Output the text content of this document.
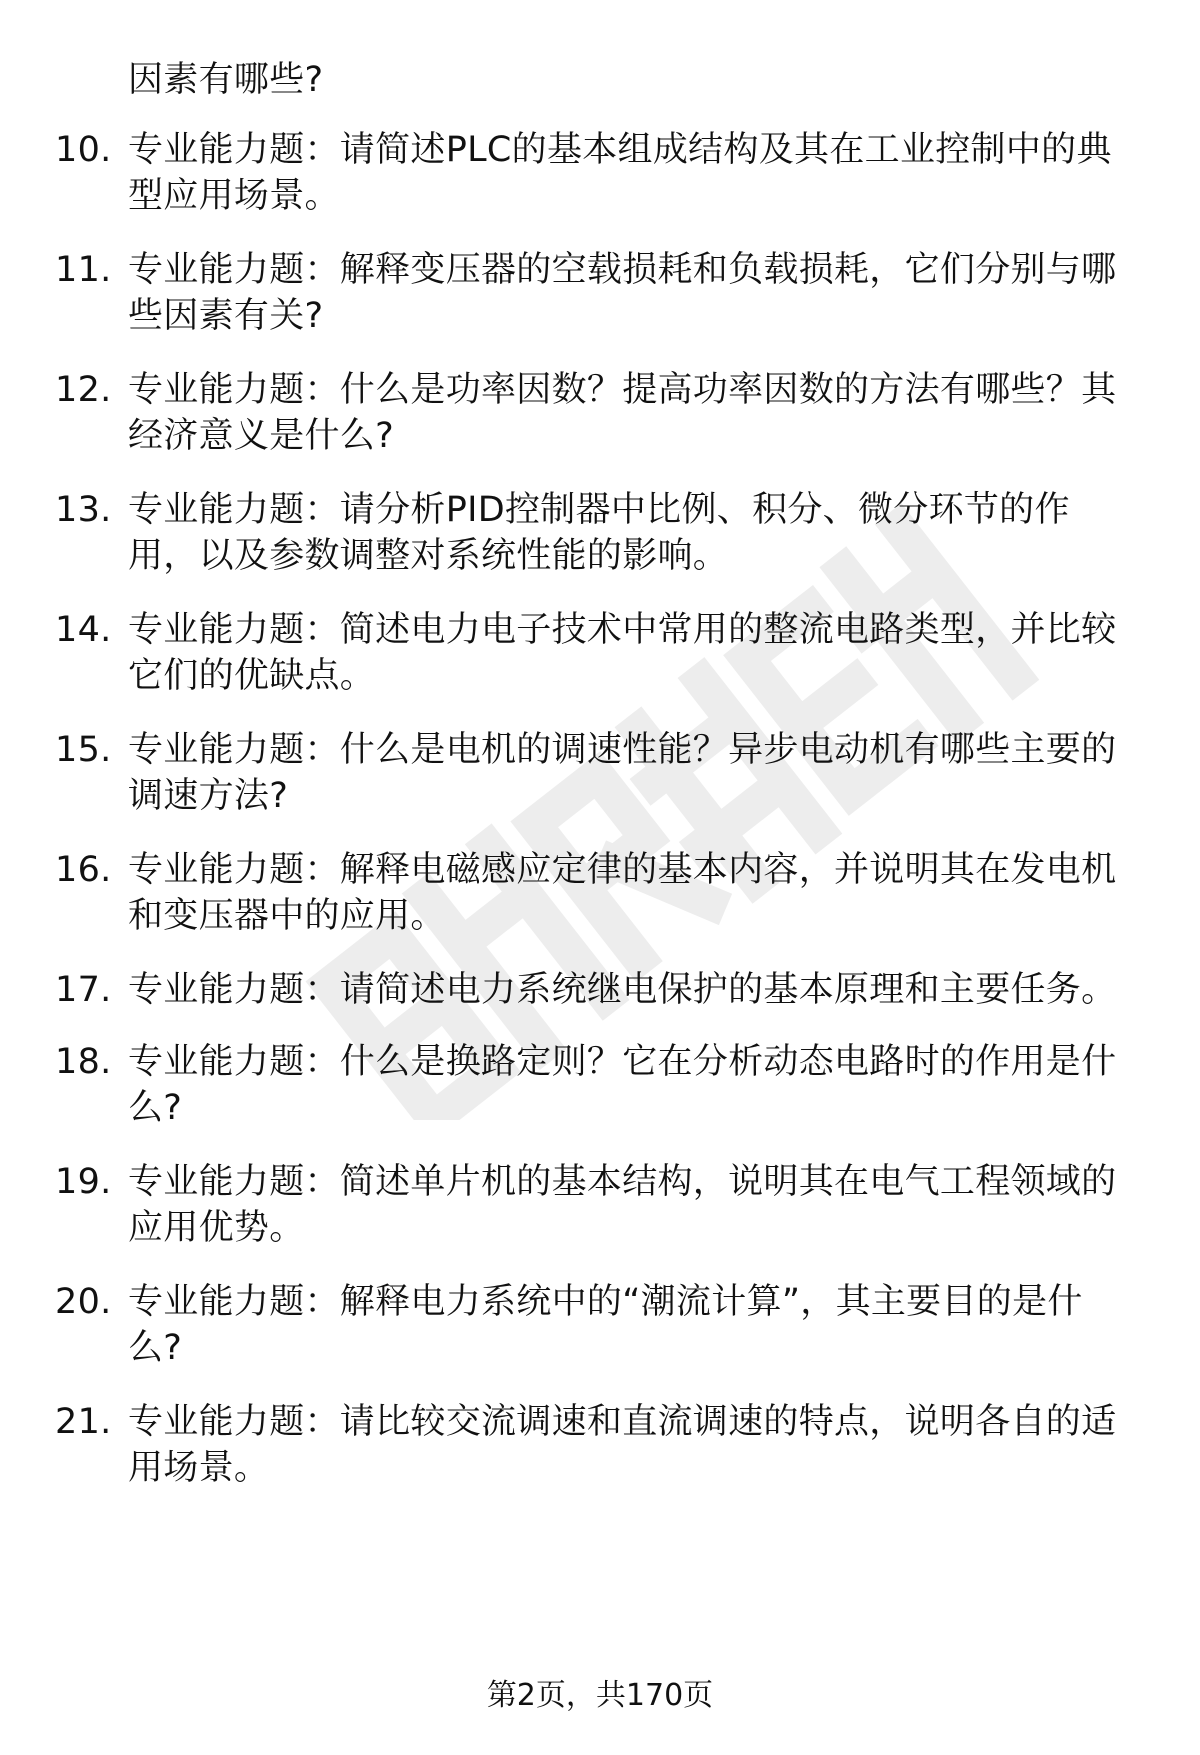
因素有哪些?
10. 专业能力题：请简述PLC的基本组成结构及其在工业控制中的典
型应用场景。
11. 专业能力题：解释变压器的空载损耗和负载损耗，它们分别与哪
些因素有关?
12. 专业能力题：什么是功率因数？提高功率因数的方法有哪些？其
经济意义是什么?
13. 专业能力题：请分析PID控制器中比例、积分、微分环节的作
用，以及参数调整对系统性能的影响。
14. 专业能力题：简述电力电子技术中常用的整流电路类型，并比较
它们的优缺点。
15. 专业能力题：什么是电机的调速性能？异步电动机有哪些主要的
调速方法?
16. 专业能力题：解释电磁感应定律的基本内容，并说明其在发电机
和变压器中的应用。
17. 专业能力题：请简述电力系统继电保护的基本原理和主要任务。
18. 专业能力题：什么是换路定则？它在分析动态电路时的作用是什
么?
19. 专业能力题：简述单片机的基本结构，说明其在电气工程领域的
应用优势。
20. 专业能力题：解释电力系统中的“潮流计算”，其主要目的是什
么?
21. 专业能力题：请比较交流调速和直流调速的特点，说明各自的适
用场景。
第2页，共170页
